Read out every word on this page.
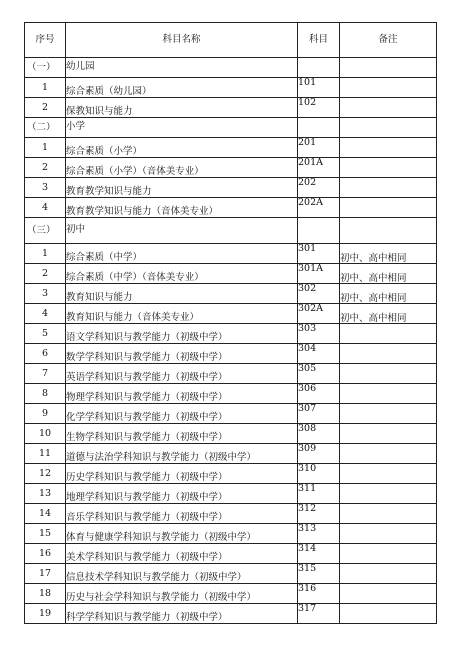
序号	科目名称	科目	备注
（一）	幼儿园		
1	综合素质（幼儿园）	101	
2	保教知识与能力	102	
（二）	小学		
1	综合素质（小学）	201	
2	综合素质（小学）（音体美专业）	201A	
3	教育教学知识与能力	202	
4	教育教学知识与能力（音体美专业）	202A	
（三）	初中		
1	综合素质（中学）	301	初中、高中相同
2	综合素质（中学）（音体美专业）	301A	初中、高中相同
3	教育知识与能力	302	初中、高中相同
4	教育知识与能力（音体美专业）	302A	初中、高中相同
5	语文学科知识与教学能力（初级中学）	303	
6	数学学科知识与教学能力（初级中学）	304	
7	英语学科知识与教学能力（初级中学）	305	
8	物理学科知识与教学能力（初级中学）	306	
9	化学学科知识与教学能力（初级中学）	307	
10	生物学科知识与教学能力（初级中学）	308	
11	道德与法治学科知识与教学能力（初级中学）	309	
12	历史学科知识与教学能力（初级中学）	310	
13	地理学科知识与教学能力（初级中学）	311	
14	音乐学科知识与教学能力（初级中学）	312	
15	体育与健康学科知识与教学能力（初级中学）	313	
16	美术学科知识与教学能力（初级中学）	314	
17	信息技术学科知识与教学能力（初级中学）	315	
18	历史与社会学科知识与教学能力（初级中学）	316	
19	科学学科知识与教学能力（初级中学）	317	
